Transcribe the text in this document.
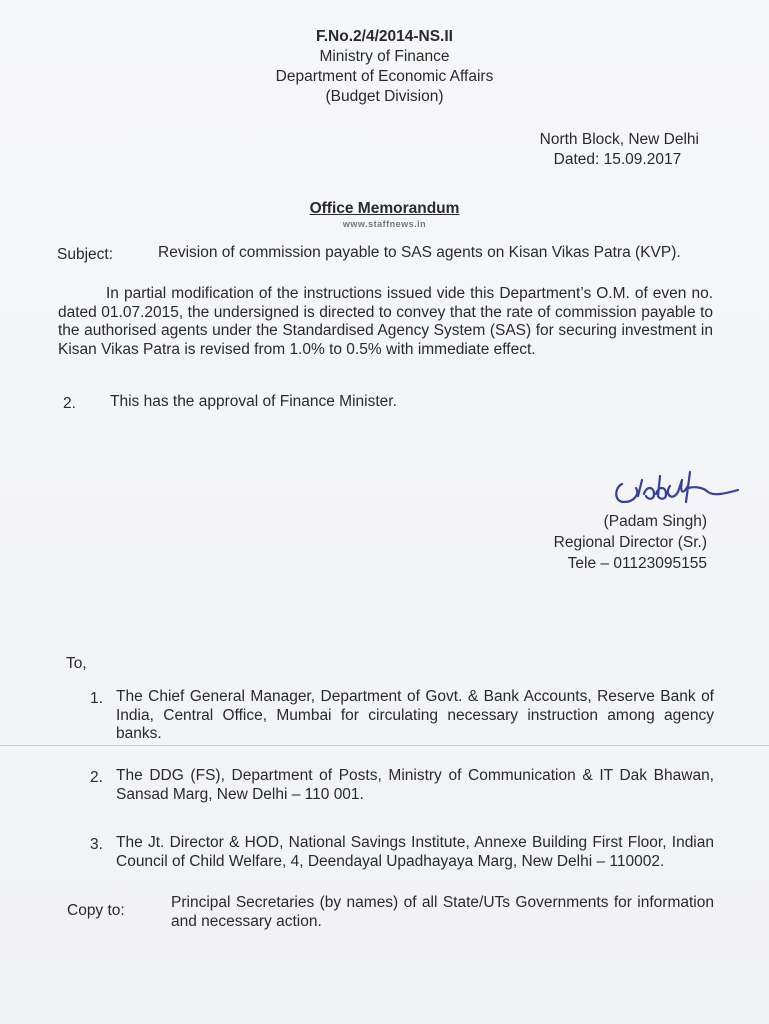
F.No.2/4/2014-NS.II
Ministry of Finance
Department of Economic Affairs
(Budget Division)
North Block, New Delhi
Dated: 15.09.2017
Office Memorandum
www.staffnews.in
Subject:	Revision of commission payable to SAS agents on Kisan Vikas Patra (KVP).
In partial modification of the instructions issued vide this Department’s O.M. of even no. dated 01.07.2015, the undersigned is directed to convey that the rate of commission payable to the authorised agents under the Standardised Agency System (SAS) for securing investment in Kisan Vikas Patra is revised from 1.0% to 0.5% with immediate effect.
2. This has the approval of Finance Minister.
(Padam Singh)
Regional Director (Sr.)
Tele – 01123095155
To,
1. The Chief General Manager, Department of Govt. & Bank Accounts, Reserve Bank of India, Central Office, Mumbai for circulating necessary instruction among agency banks.
2. The DDG (FS), Department of Posts, Ministry of Communication & IT Dak Bhawan, Sansad Marg, New Delhi – 110 001.
3. The Jt. Director & HOD, National Savings Institute, Annexe Building First Floor, Indian Council of Child Welfare, 4, Deendayal Upadhayaya Marg, New Delhi – 110002.
Copy to:	Principal Secretaries (by names) of all State/UTs Governments for information and necessary action.
